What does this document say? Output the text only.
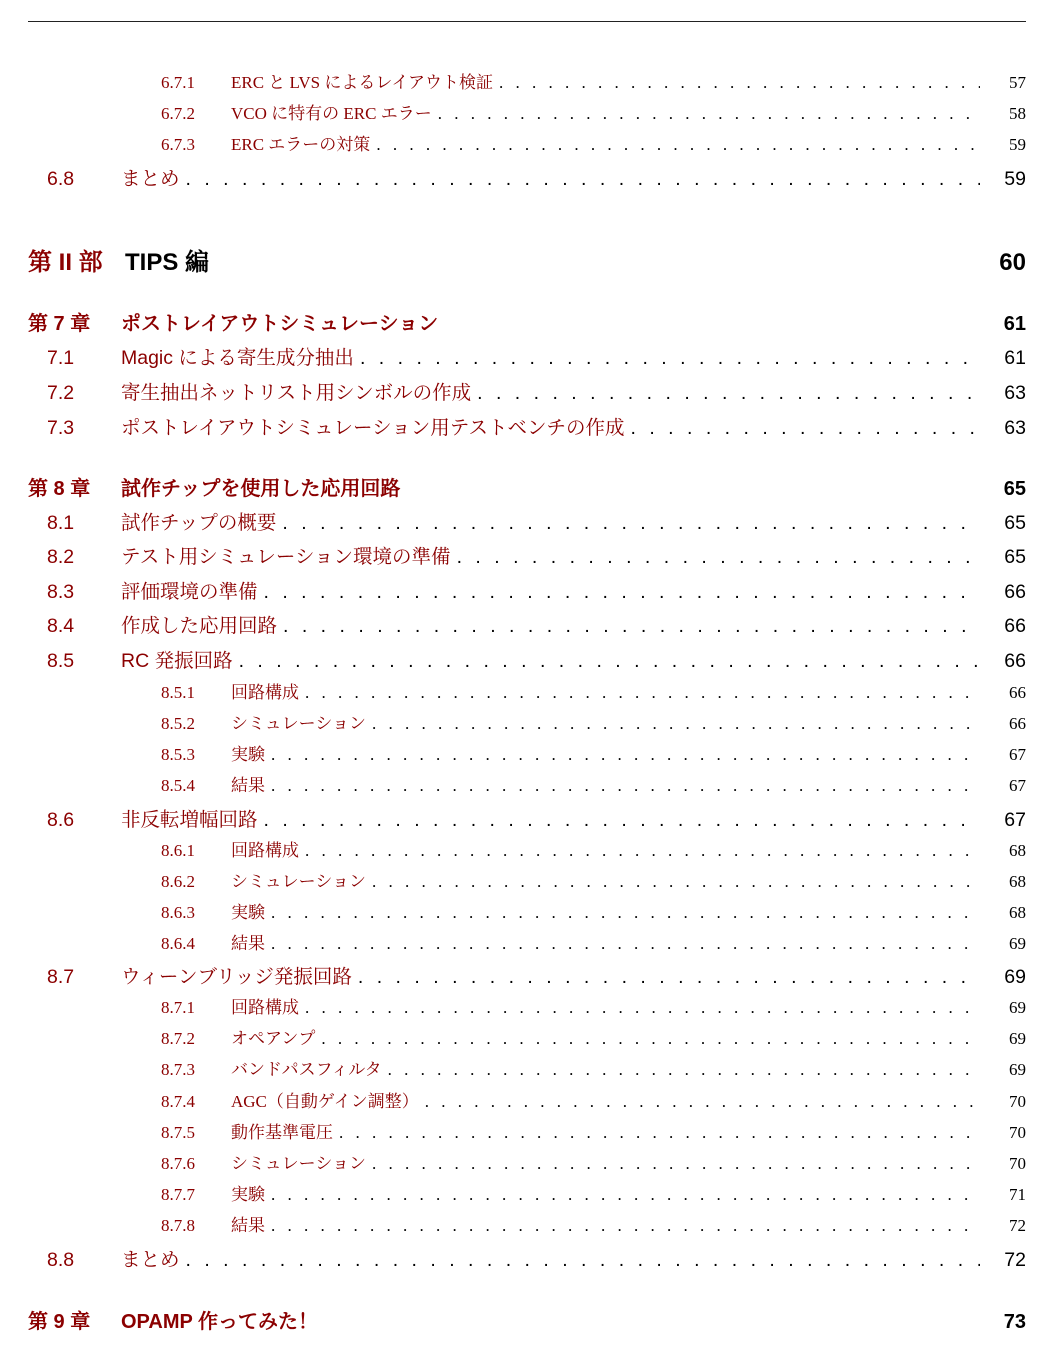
6.7.1	ERC と LVS によるレイアウト検証 . . .	57
6.7.2	VCO に特有の ERC エラー . . .	58
6.7.3	ERC エラーの対策 . . .	59
6.8	まとめ . . .	59
第 II 部 TIPS 編	60
第 7 章	ポストレイアウトシミュレーション	61
7.1	Magic による寄生成分抽出 . . .	61
7.2	寄生抽出ネットリスト用シンボルの作成 . . .	63
7.3	ポストレイアウトシミュレーション用テストベンチの作成 . . .	63
第 8 章	試作チップを使用した応用回路	65
8.1	試作チップの概要 . . .	65
8.2	テスト用シミュレーション環境の準備 . . .	65
8.3	評価環境の準備 . . .	66
8.4	作成した応用回路 . . .	66
8.5	RC 発振回路 . . .	66
8.5.1	回路構成 . . .	66
8.5.2	シミュレーション . . .	66
8.5.3	実験 . . .	67
8.5.4	結果 . . .	67
8.6	非反転増幅回路 . . .	67
8.6.1	回路構成 . . .	68
8.6.2	シミュレーション . . .	68
8.6.3	実験 . . .	68
8.6.4	結果 . . .	69
8.7	ウィーンブリッジ発振回路 . . .	69
8.7.1	回路構成 . . .	69
8.7.2	オペアンプ . . .	69
8.7.3	バンドパスフィルタ . . .	69
8.7.4	AGC（自動ゲイン調整） . . .	70
8.7.5	動作基準電圧 . . .	70
8.7.6	シミュレーション . . .	70
8.7.7	実験 . . .	71
8.7.8	結果 . . .	72
8.8	まとめ . . .	72
第 9 章	OPAMP 作ってみた！	73
